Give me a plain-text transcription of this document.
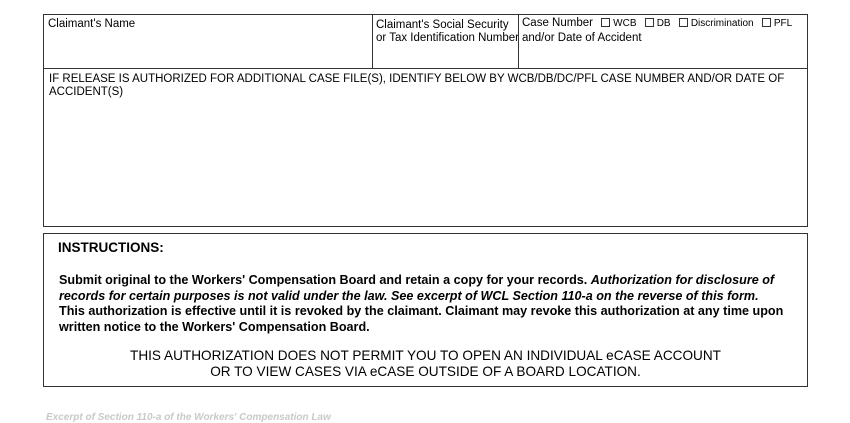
Claimant's Name	Claimant's Social Security
or Tax Identification Number
Case Number WCB DB Discrimination PFL
and/or Date of Accident
IF RELEASE IS AUTHORIZED FOR ADDITIONAL CASE FILE(S), IDENTIFY BELOW BY WCB/DB/DC/PFL CASE NUMBER AND/OR DATE OF ACCIDENT(S)
INSTRUCTIONS:
Submit original to the Workers' Compensation Board and retain a copy for your records. Authorization for disclosure of records for certain purposes is not valid under the law. See excerpt of WCL Section 110-a on the reverse of this form. This authorization is effective until it is revoked by the claimant. Claimant may revoke this authorization at any time upon written notice to the Workers' Compensation Board.
THIS AUTHORIZATION DOES NOT PERMIT YOU TO OPEN AN INDIVIDUAL eCASE ACCOUNT
OR TO VIEW CASES VIA eCASE OUTSIDE OF A BOARD LOCATION.
Excerpt of Section 110-a of the Workers' Compensation Law
